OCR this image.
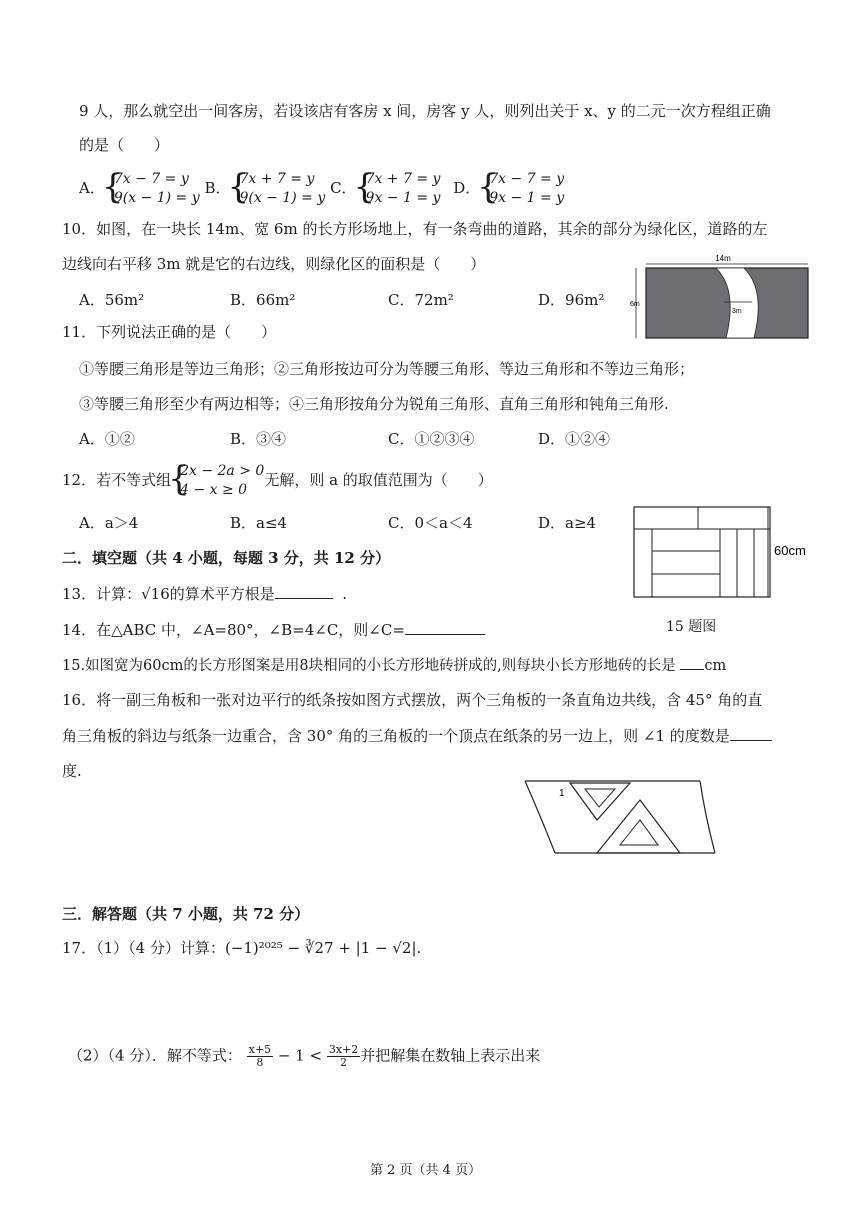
9 人，那么就空出一间客房，若设该店有客房 x 间，房客 y 人，则列出关于 x、y 的二元一次方程组正确
的是（　　）
A． { 7x − 7 = y
9(x − 1) = y
B． { 7x + 7 = y
9(x − 1) = y
C． { 7x + 7 = y
9x − 1 = y
D． { 7x − 7 = y
9x − 1 = y
10．如图，在一块长 14m、宽 6m 的长方形场地上，有一条弯曲的道路，其余的部分为绿化区，道路的左
边线向右平移 3m 就是它的右边线，则绿化区的面积是（　　）
A．56m²	B．66m²	C．72m²	D．96m²
14m
6m
3m
11．下列说法正确的是（　　）
①等腰三角形是等边三角形；②三角形按边可分为等腰三角形、等边三角形和不等边三角形；
③等腰三角形至少有两边相等；④三角形按角分为锐角三角形、直角三角形和钝角三角形.
A．①②	B．③④	C．①②③④	D．①②④
12．若不等式组 { 2x − 2a > 0
4 − x ≥ 0
无解，则 a 的取值范围为（　　）
A．a＞4	B．a≤4	C．0＜a＜4	D．a≥4
二．填空题（共 4 小题，每题 3 分，共 12 分）	60cm
15 题图
13．计算：√16的算术平方根是	.
14．在△ABC 中，∠A=80°，∠B=4∠C，则∠C=
15.如图宽为60cm的长方形图案是用8块相同的小长方形地砖拼成的,则每块小长方形地砖的长是 cm
16．将一副三角板和一张对边平行的纸条按如图方式摆放，两个三角板的一条直角边共线，含 45° 角的直
角三角板的斜边与纸条一边重合，含 30° 角的三角板的一个顶点在纸条的另一边上，则 ∠1 的度数是
度.
1
三．解答题（共 7 小题，共 72 分）
17．（1）（4 分）计算：(−1)²⁰²⁵ − ∛27 + |1 − √2|.
（2）（4 分）．解不等式： $\frac{x+5}{8} - 1 < \frac{3x+2}{2}$ 并把解集在数轴上表示出来
第 2 页（共 4 页）
